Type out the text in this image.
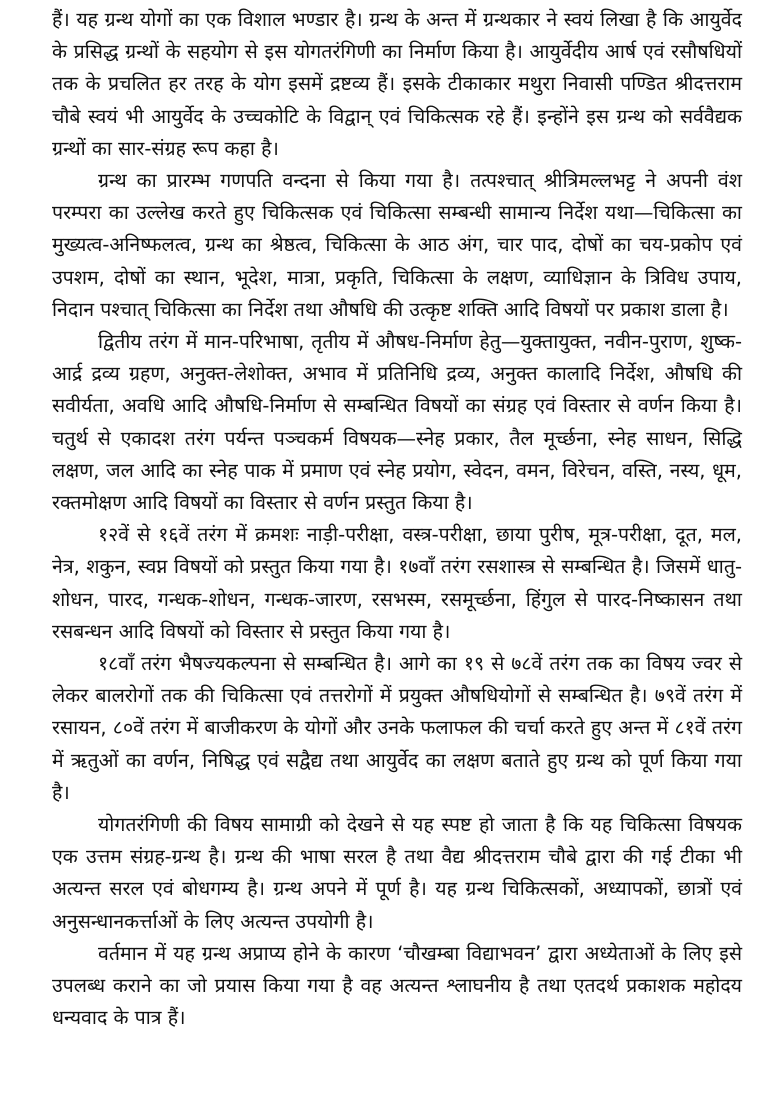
हैं। यह ग्रन्थ योगों का एक विशाल भण्डार है। ग्रन्थ के अन्त में ग्रन्थकार ने स्वयं लिखा है कि आयुर्वेद के प्रसिद्ध ग्रन्थों के सहयोग से इस योगतरंगिणी का निर्माण किया है। आयुर्वेदीय आर्ष एवं रसौषधियों तक के प्रचलित हर तरह के योग इसमें द्रष्टव्य हैं। इसके टीकाकार मथुरा निवासी पण्डित श्रीदत्तराम चौबे स्वयं भी आयुर्वेद के उच्चकोटि के विद्वान् एवं चिकित्सक रहे हैं। इन्होंने इस ग्रन्थ को सर्ववैद्यक ग्रन्थों का सार-संग्रह रूप कहा है।

ग्रन्थ का प्रारम्भ गणपति वन्दना से किया गया है। तत्पश्चात् श्रीत्रिमल्लभट्ट ने अपनी वंश परम्परा का उल्लेख करते हुए चिकित्सक एवं चिकित्सा सम्बन्धी सामान्य निर्देश यथा—चिकित्सा का मुख्यत्व-अनिष्फलत्व, ग्रन्थ का श्रेष्ठत्व, चिकित्सा के आठ अंग, चार पाद, दोषों का चय-प्रकोप एवं उपशम, दोषों का स्थान, भूदेश, मात्रा, प्रकृति, चिकित्सा के लक्षण, व्याधिज्ञान के त्रिविध उपाय, निदान पश्चात् चिकित्सा का निर्देश तथा औषधि की उत्कृष्ट शक्ति आदि विषयों पर प्रकाश डाला है।

द्वितीय तरंग में मान-परिभाषा, तृतीय में औषध-निर्माण हेतु—युक्तायुक्त, नवीन-पुराण, शुष्क-आर्द्र द्रव्य ग्रहण, अनुक्त-लेशोक्त, अभाव में प्रतिनिधि द्रव्य, अनुक्त कालादि निर्देश, औषधि की सवीर्यता, अवधि आदि औषधि-निर्माण से सम्बन्धित विषयों का संग्रह एवं विस्तार से वर्णन किया है। चतुर्थ से एकादश तरंग पर्यन्त पञ्चकर्म विषयक—स्नेह प्रकार, तैल मूर्च्छना, स्नेह साधन, सिद्धि लक्षण, जल आदि का स्नेह पाक में प्रमाण एवं स्नेह प्रयोग, स्वेदन, वमन, विरेचन, वस्ति, नस्य, धूम, रक्तमोक्षण आदि विषयों का विस्तार से वर्णन प्रस्तुत किया है।

१२वें से १६वें तरंग में क्रमशः नाड़ी-परीक्षा, वस्त्र-परीक्षा, छाया पुरीष, मूत्र-परीक्षा, दूत, मल, नेत्र, शकुन, स्वप्न विषयों को प्रस्तुत किया गया है। १७वाँ तरंग रसशास्त्र से सम्बन्धित है। जिसमें धातु-शोधन, पारद, गन्धक-शोधन, गन्धक-जारण, रसभस्म, रसमूर्च्छना, हिंगुल से पारद-निष्कासन तथा रसबन्धन आदि विषयों को विस्तार से प्रस्तुत किया गया है।

१८वाँ तरंग भैषज्यकल्पना से सम्बन्धित है। आगे का १९ से ७८वें तरंग तक का विषय ज्वर से लेकर बालरोगों तक की चिकित्सा एवं तत्तरोगों में प्रयुक्त औषधियोगों से सम्बन्धित है। ७९वें तरंग में रसायन, ८०वें तरंग में बाजीकरण के योगों और उनके फलाफल की चर्चा करते हुए अन्त में ८१वें तरंग में ऋतुओं का वर्णन, निषिद्ध एवं सद्वैद्य तथा आयुर्वेद का लक्षण बताते हुए ग्रन्थ को पूर्ण किया गया है।

योगतरंगिणी की विषय सामाग्री को देखने से यह स्पष्ट हो जाता है कि यह चिकित्सा विषयक एक उत्तम संग्रह-ग्रन्थ है। ग्रन्थ की भाषा सरल है तथा वैद्य श्रीदत्तराम चौबे द्वारा की गई टीका भी अत्यन्त सरल एवं बोधगम्य है। ग्रन्थ अपने में पूर्ण है। यह ग्रन्थ चिकित्सकों, अध्यापकों, छात्रों एवं अनुसन्धानकर्त्ताओं के लिए अत्यन्त उपयोगी है।

वर्तमान में यह ग्रन्थ अप्राप्य होने के कारण ‘चौखम्बा विद्याभवन’ द्वारा अध्येताओं के लिए इसे उपलब्ध कराने का जो प्रयास किया गया है वह अत्यन्त श्लाघनीय है तथा एतदर्थ प्रकाशक महोदय धन्यवाद के पात्र हैं।
